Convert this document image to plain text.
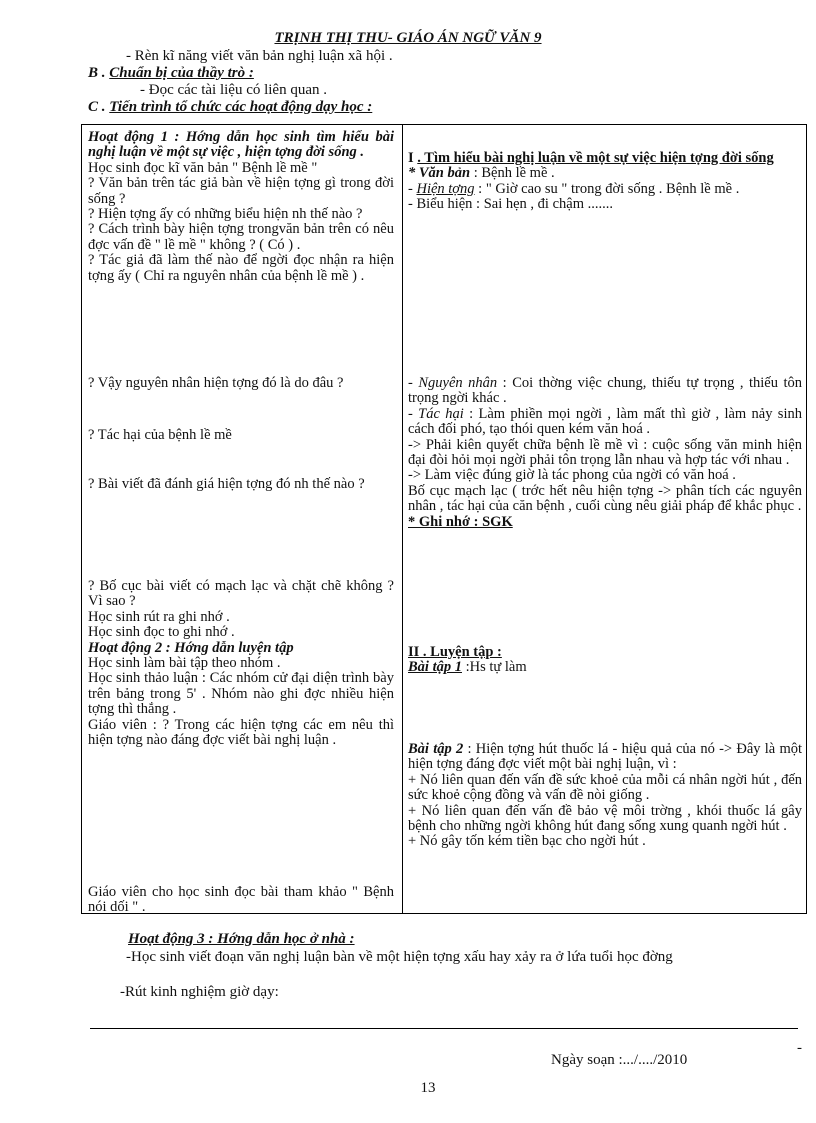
TRỊNH THỊ THU- GIÁO ÁN NGỮ VĂN 9
- Rèn kĩ năng viết văn bản nghị luận xã hội .
B . Chuẩn bị của thầy trò :
- Đọc các tài liệu có liên quan .
C . Tiến trình tổ chức các hoạt động dạy học :

Hoạt động 1 : Hớng dẫn học sinh tìm hiểu bài nghị luận về một sự việc , hiện tợng đời sống .

Học sinh đọc kĩ văn bản " Bệnh lề mề "

? Văn bản trên tác giả bàn về hiện tợng gì trong đời sống ?

? Hiện tợng ấy có những biểu hiện nh thế nào ?

? Cách trình bày hiện tợng trongvăn bản trên có nêu đợc vấn đề " lề mề " không ? ( Có ) .

? Tác giả đã làm thế nào để ngời đọc nhận ra hiện tợng ấy ( Chỉ ra nguyên nhân của bệnh lề mề ) .

? Vậy nguyên nhân hiện tợng đó là do đâu ?
? Tác hại của bệnh lề mề
? Bài viết đã đánh giá hiện tợng đó nh thế nào ?

? Bố cục bài viết có mạch lạc và chặt chẽ không ? Vì sao ?

Học sinh rút ra ghi nhớ .

Học sinh đọc to ghi nhớ .

Hoạt động 2 : Hớng dẫn luyện tập

Học sinh làm bài tập theo nhóm .

Học sinh thảo luận : Các nhóm cử đại diện trình bày trên bảng trong 5' . Nhóm nào ghi đợc nhiều hiện tợng thì thắng .

Giáo viên : ? Trong các hiện tợng các em nêu thì hiện tợng nào đáng đợc viết bài nghị luận .

Giáo viên cho học sinh đọc bài tham khảo " Bệnh nói dối " .

I . Tìm hiểu bài nghị luận về một sự việc hiện tợng đời sống

* Văn bản : Bệnh lề mề .

- Hiện tợng : " Giờ cao su " trong đời sống . Bệnh lề mề .

- Biểu hiện : Sai hẹn , đi chậm .......

- Nguyên nhân : Coi thờng việc chung, thiếu tự trọng , thiếu tôn trọng ngời khác .

- Tác hại : Làm phiền mọi ngời , làm mất thì giờ , làm nảy sinh cách đối phó, tạo thói quen kém văn hoá .

-> Phải kiên quyết chữa bệnh lề mề vì : cuộc sống văn minh hiện đại đòi hỏi mọi ngời phải tôn trọng lẫn nhau và hợp tác với nhau .

-> Làm việc đúng giờ là tác phong của ngời có văn hoá .

Bố cục mạch lạc ( trớc hết nêu hiện tợng -> phân tích các nguyên nhân , tác hại của căn bệnh , cuối cùng nêu giải pháp để khắc phục .

* Ghi nhớ : SGK

II . Luyện tập :

Bài tập 1 :Hs tự làm

Bài tập 2 : Hiện tợng hút thuốc lá - hiệu quả của nó -> Đây là một hiện tợng đáng đợc viết một bài nghị luận, vì :

+ Nó liên quan đến vấn đề sức khoẻ của mỗi cá nhân ngời hút , đến sức khoẻ cộng đồng và vấn đề nòi giống .

+ Nó liên quan đến vấn đề bảo vệ môi trờng , khói thuốc lá gây bệnh cho những ngời không hút đang sống xung quanh ngời hút .

+ Nó gây tốn kém tiền bạc cho ngời hút .

Hoạt động 3 : Hớng dẫn học ở nhà :
-Học sinh viết đoạn văn nghị luận bàn về một hiện tợng xấu hay xảy ra ở lứa tuổi học đờng
-Rút kinh nghiệm giờ dạy:
-
Ngày soạn :.../..../2010
13
